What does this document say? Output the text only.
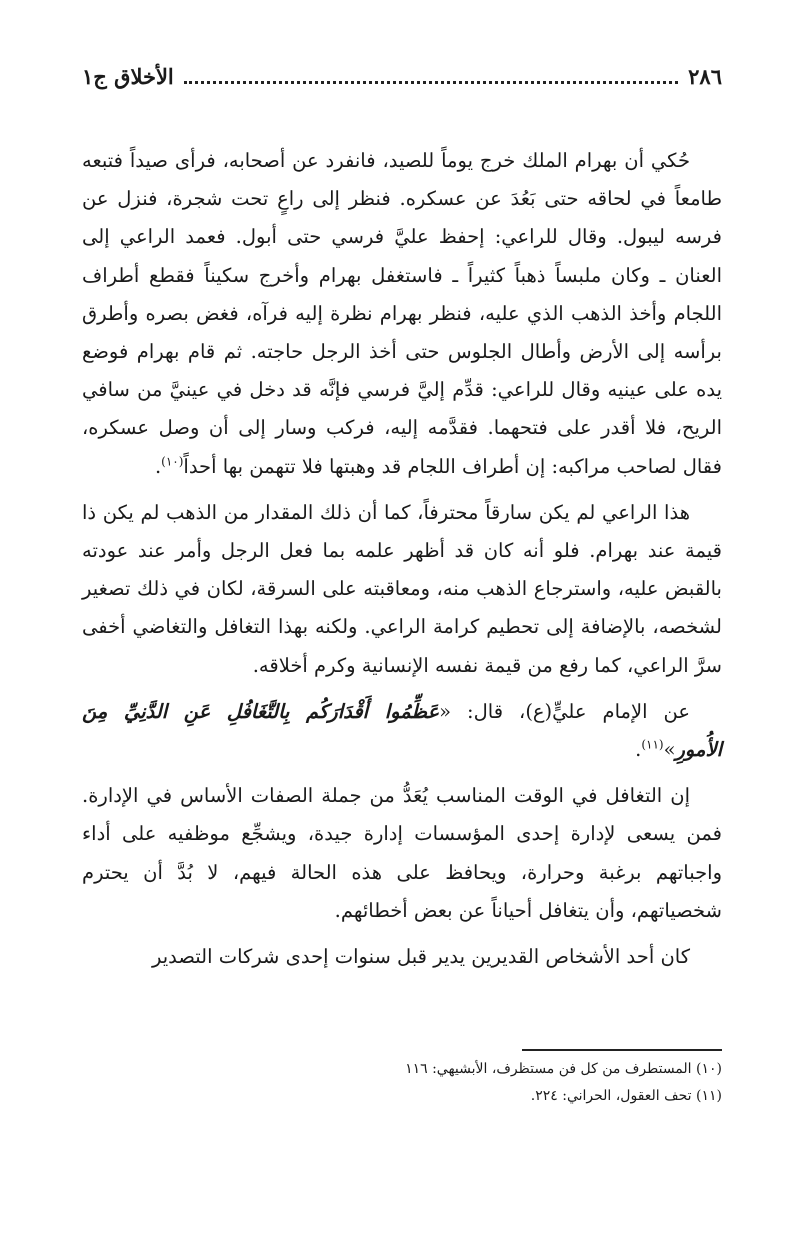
٢٨٦
الأخلاق ج١

حُكي أن بهرام الملك خرج يوماً للصيد، فانفرد عن أصحابه، فرأى صيداً فتبعه طامعاً في لحاقه حتى بَعُدَ عن عسكره. فنظر إلى راعٍ تحت شجرة، فنزل عن فرسه ليبول. وقال للراعي: إحفظ عليَّ فرسي حتى أبول. فعمد الراعي إلى العنان ـ وكان ملبساً ذهباً كثيراً ـ فاستغفل بهرام وأخرج سكيناً فقطع أطراف اللجام وأخذ الذهب الذي عليه، فنظر بهرام نظرة إليه فرآه، فغض بصره وأطرق برأسه إلى الأرض وأطال الجلوس حتى أخذ الرجل حاجته. ثم قام بهرام فوضع يده على عينيه وقال للراعي: قدِّم إليَّ فرسي فإنَّه قد دخل في عينيَّ من سافي الريح، فلا أقدر على فتحهما. فقدَّمه إليه، فركب وسار إلى أن وصل عسكره، فقال لصاحب مراكبه: إن أطراف اللجام قد وهبتها فلا تتهمن بها أحداً$^{(١٠)}$.

هذا الراعي لم يكن سارقاً محترفاً، كما أن ذلك المقدار من الذهب لم يكن ذا قيمة عند بهرام. فلو أنه كان قد أظهر علمه بما فعل الرجل وأمر عند عودته بالقبض عليه، واسترجاع الذهب منه، ومعاقبته على السرقة، لكان في ذلك تصغير لشخصه، بالإضافة إلى تحطيم كرامة الراعي. ولكنه بهذا التغافل والتغاضي أخفى سرَّ الراعي، كما رفع من قيمة نفسه الإنسانية وكرم أخلاقه.

عن الإمام عليٍّ(ع)، قال: «عَظِّمُوا أَقْدَارَكُم بِالتَّغَافُلِ عَنِ الدَّنِيِّ مِنَ الأُمورِ»$^{(١١)}$.

إن التغافل في الوقت المناسب يُعَدُّ من جملة الصفات الأساس في الإدارة. فمن يسعى لإدارة إحدى المؤسسات إدارة جيدة، ويشجِّع موظفيه على أداء واجباتهم برغبة وحرارة، ويحافظ على هذه الحالة فيهم، لا بُدَّ أن يحترم شخصياتهم، وأن يتغافل أحياناً عن بعض أخطائهم.

كان أحد الأشخاص القديرين يدير قبل سنوات إحدى شركات التصدير

(١٠) المستطرف من كل فن مستظرف، الأبشيهي: ١١٦

(١١) تحف العقول، الحراني: ٢٢٤.
